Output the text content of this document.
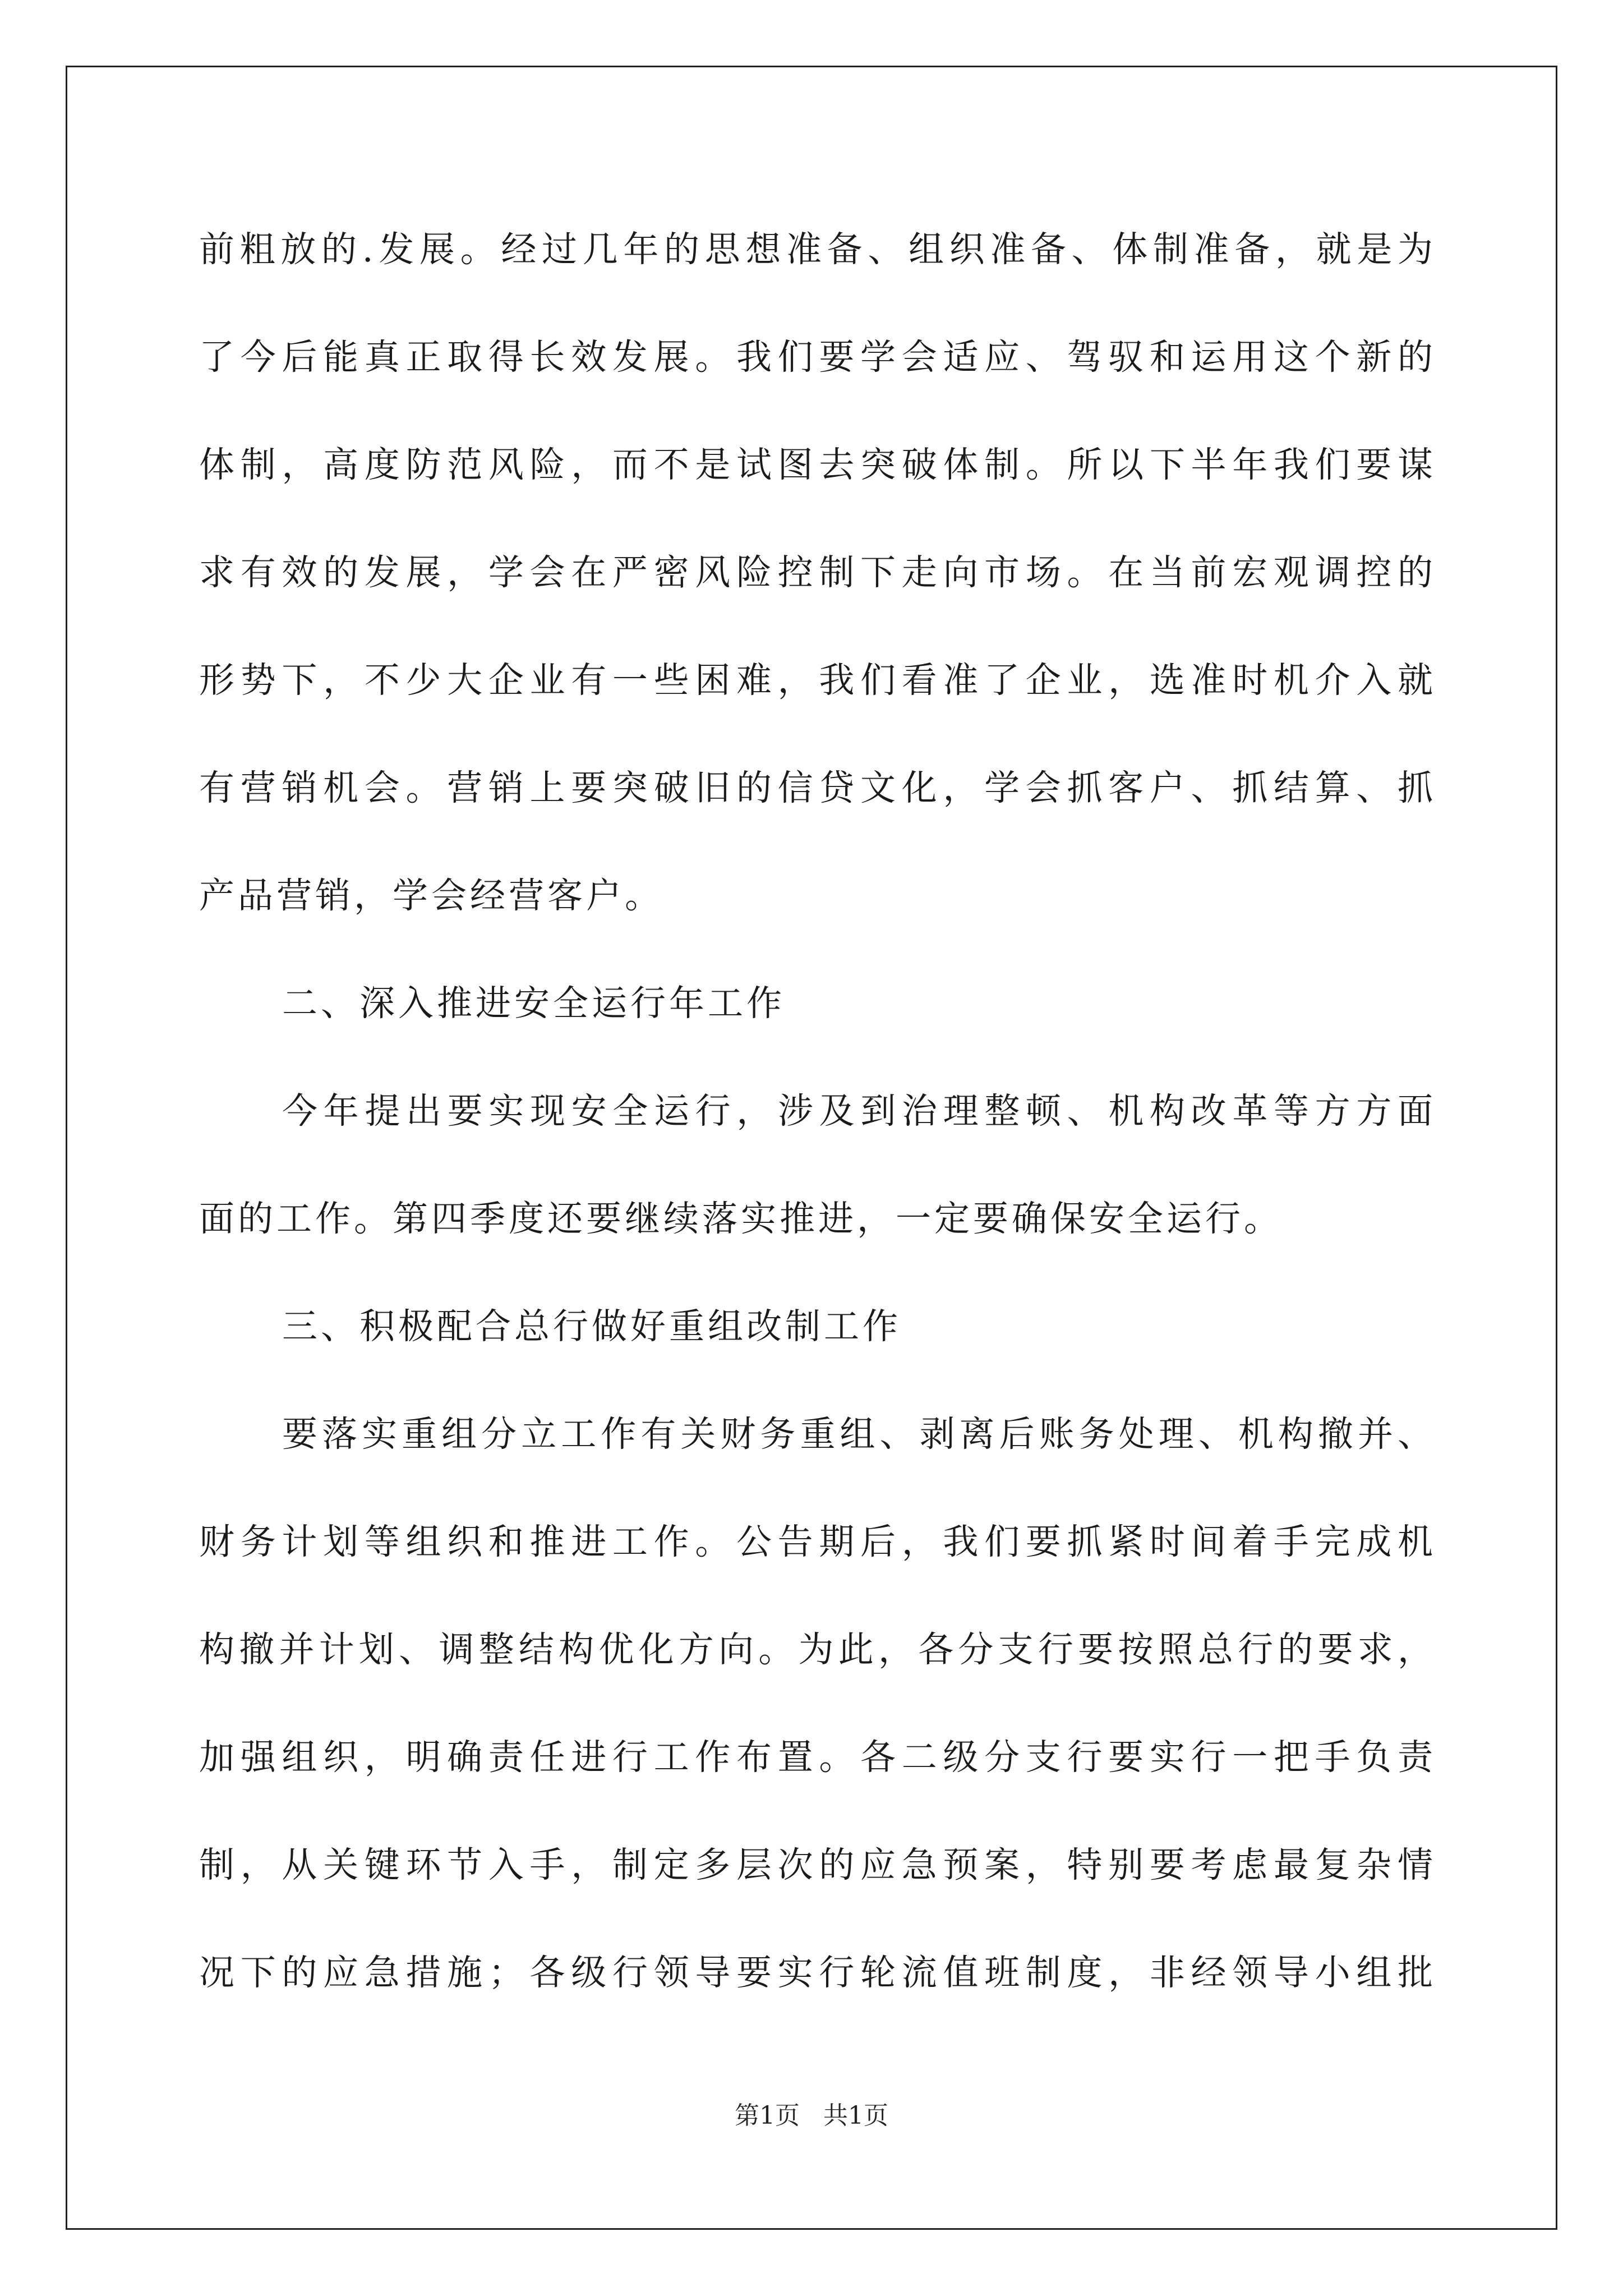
前粗放的.发展。经过几年的思想准备、组织准备、体制准备，就是为
了今后能真正取得长效发展。我们要学会适应、驾驭和运用这个新的
体制，高度防范风险，而不是试图去突破体制。所以下半年我们要谋
求有效的发展，学会在严密风险控制下走向市场。在当前宏观调控的
形势下，不少大企业有一些困难，我们看准了企业，选准时机介入就
有营销机会。营销上要突破旧的信贷文化，学会抓客户、抓结算、抓
产品营销，学会经营客户。
二、深入推进安全运行年工作
今年提出要实现安全运行，涉及到治理整顿、机构改革等方方面
面的工作。第四季度还要继续落实推进，一定要确保安全运行。
三、积极配合总行做好重组改制工作
要落实重组分立工作有关财务重组、剥离后账务处理、机构撤并、
财务计划等组织和推进工作。公告期后，我们要抓紧时间着手完成机
构撤并计划、调整结构优化方向。为此，各分支行要按照总行的要求，
加强组织，明确责任进行工作布置。各二级分支行要实行一把手负责
制，从关键环节入手，制定多层次的应急预案，特别要考虑最复杂情
况下的应急措施；各级行领导要实行轮流值班制度，非经领导小组批
第1页   共1页
